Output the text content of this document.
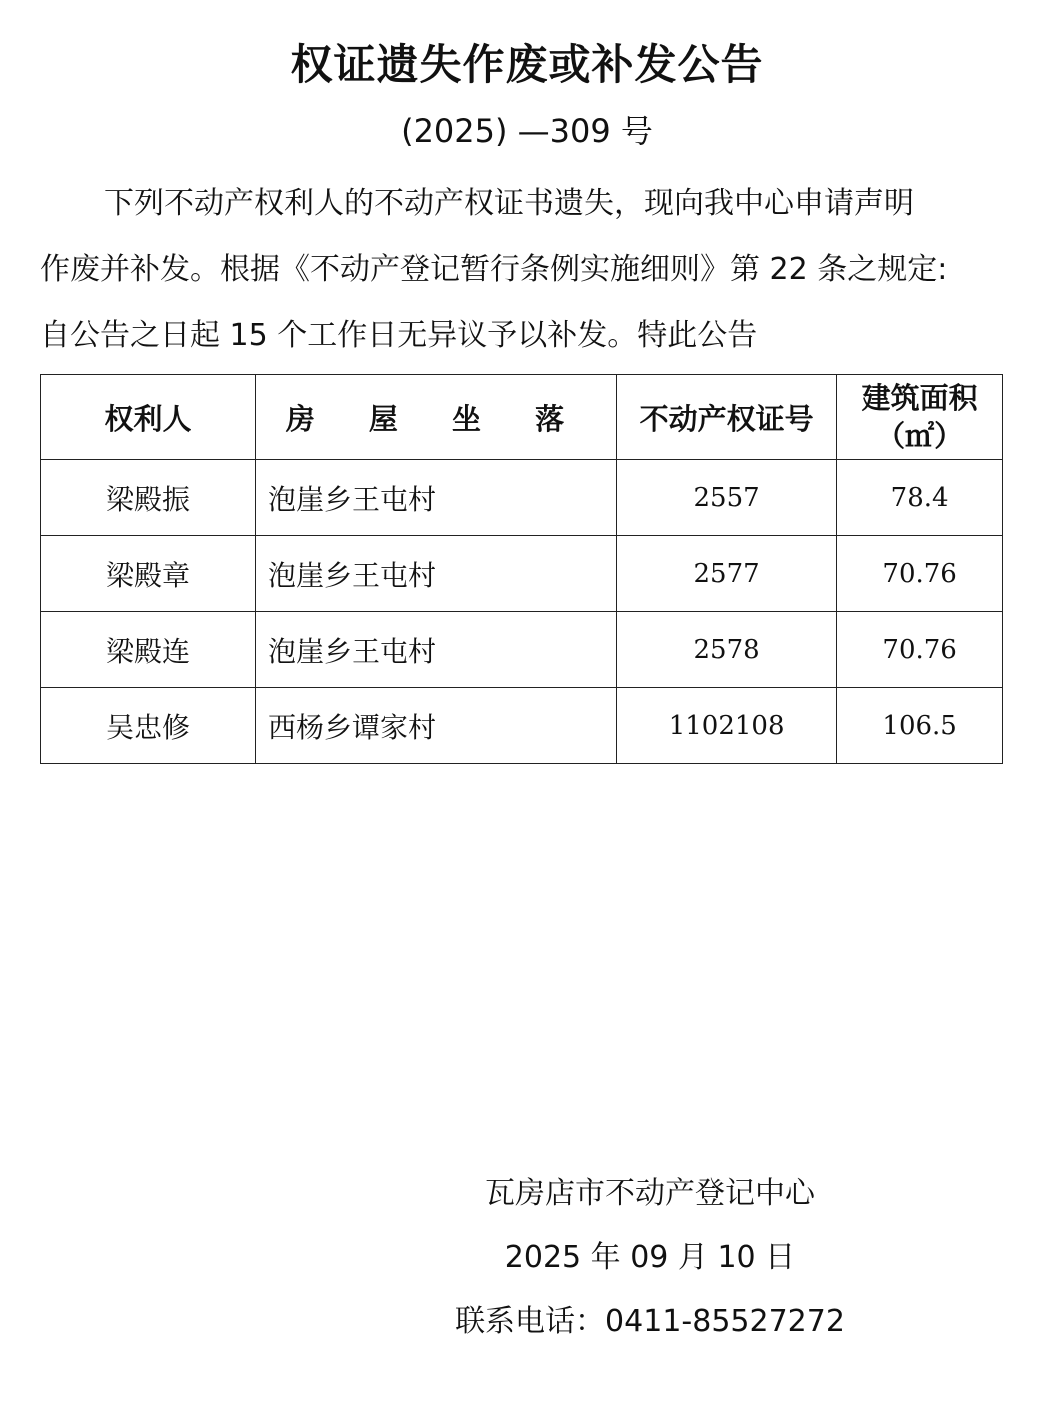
权证遗失作废或补发公告
(2025) —309 号
下列不动产权利人的不动产权证书遗失，现向我中心申请声明
作废并补发。根据《不动产登记暂行条例实施细则》第 22 条之规定:
自公告之日起 15 个工作日无异议予以补发。特此公告
权利人	房 屋 坐 落	不动产权证号	建筑面积
（㎡）

梁殿振	泡崖乡王屯村	2557	78.4
梁殿章	泡崖乡王屯村	2577	70.76
梁殿连	泡崖乡王屯村	2578	70.76
吴忠修	西杨乡谭家村	1102108	106.5
瓦房店市不动产登记中心
2025 年 09 月 10 日
联系电话：0411-85527272
